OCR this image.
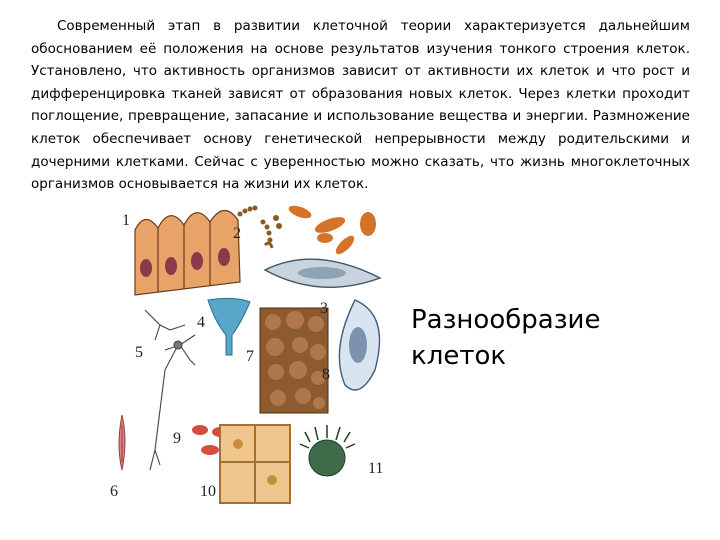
Современный этап в развитии клеточной теории характеризуется дальнейшим обоснованием её положения на основе результатов изучения тонкого строения клеток. Установлено, что активность организмов зависит от активности их клеток и что рост и дифференцировка тканей зависят от образования новых клеток. Через клетки проходит поглощение, превращение, запасание и использование вещества и энергии. Размножение клеток обеспечивает основу генетической непрерывности между родительскими и дочерними клетками. Сейчас с уверенностью можно сказать, что жизнь многоклеточных организмов основывается на жизни их клеток.

1
2
3
4
5
6
7
8
9
10
11
Разнообразие клеток
